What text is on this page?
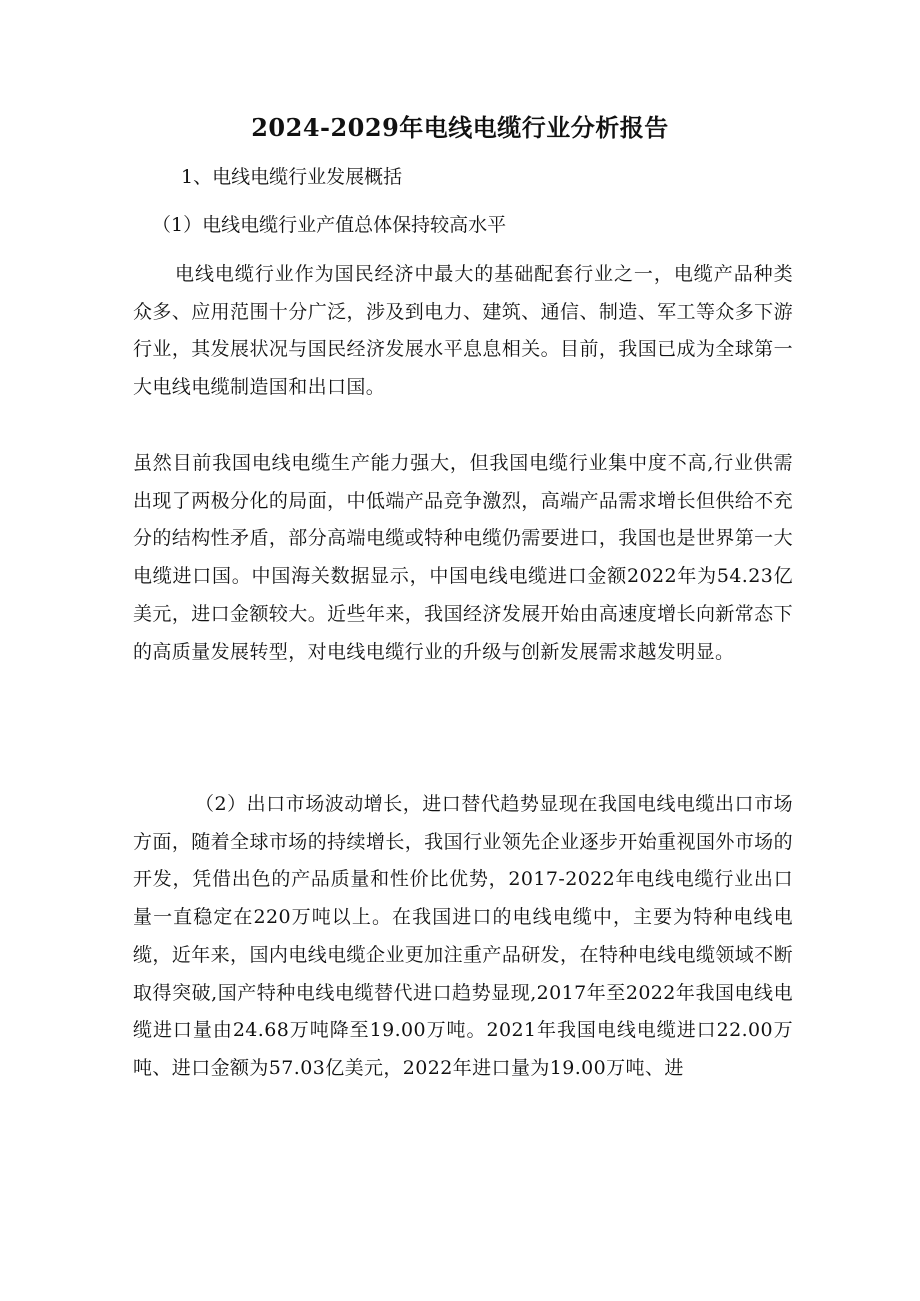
2024-2029年电线电缆行业分析报告
1、电线电缆行业发展概括
（1）电线电缆行业产值总体保持较高水平

电线电缆行业作为国民经济中最大的基础配套行业之一，电缆产品种类众多、应用范围十分广泛，涉及到电力、建筑、通信、制造、军工等众多下游行业，其发展状况与国民经济发展水平息息相关。目前，我国已成为全球第一大电线电缆制造国和出口国。

虽然目前我国电线电缆生产能力强大，但我国电缆行业集中度不高,行业供需出现了两极分化的局面，中低端产品竞争激烈，高端产品需求增长但供给不充分的结构性矛盾，部分高端电缆或特种电缆仍需要进口，我国也是世界第一大电缆进口国。中国海关数据显示，中国电线电缆进口金额2022年为54.23亿美元，进口金额较大。近些年来，我国经济发展开始由高速度增长向新常态下的高质量发展转型，对电线电缆行业的升级与创新发展需求越发明显。

（2）出口市场波动增长，进口替代趋势显现在我国电线电缆出口市场方面，随着全球市场的持续增长，我国行业领先企业逐步开始重视国外市场的开发，凭借出色的产品质量和性价比优势，2017-2022年电线电缆行业出口量一直稳定在220万吨以上。在我国进口的电线电缆中，主要为特种电线电缆，近年来，国内电线电缆企业更加注重产品研发，在特种电线电缆领域不断取得突破,国产特种电线电缆替代进口趋势显现,2017年至2022年我国电线电缆进口量由24.68万吨降至19.00万吨。2021年我国电线电缆进口22.00万吨、进口金额为57.03亿美元，2022年进口量为19.00万吨、进
